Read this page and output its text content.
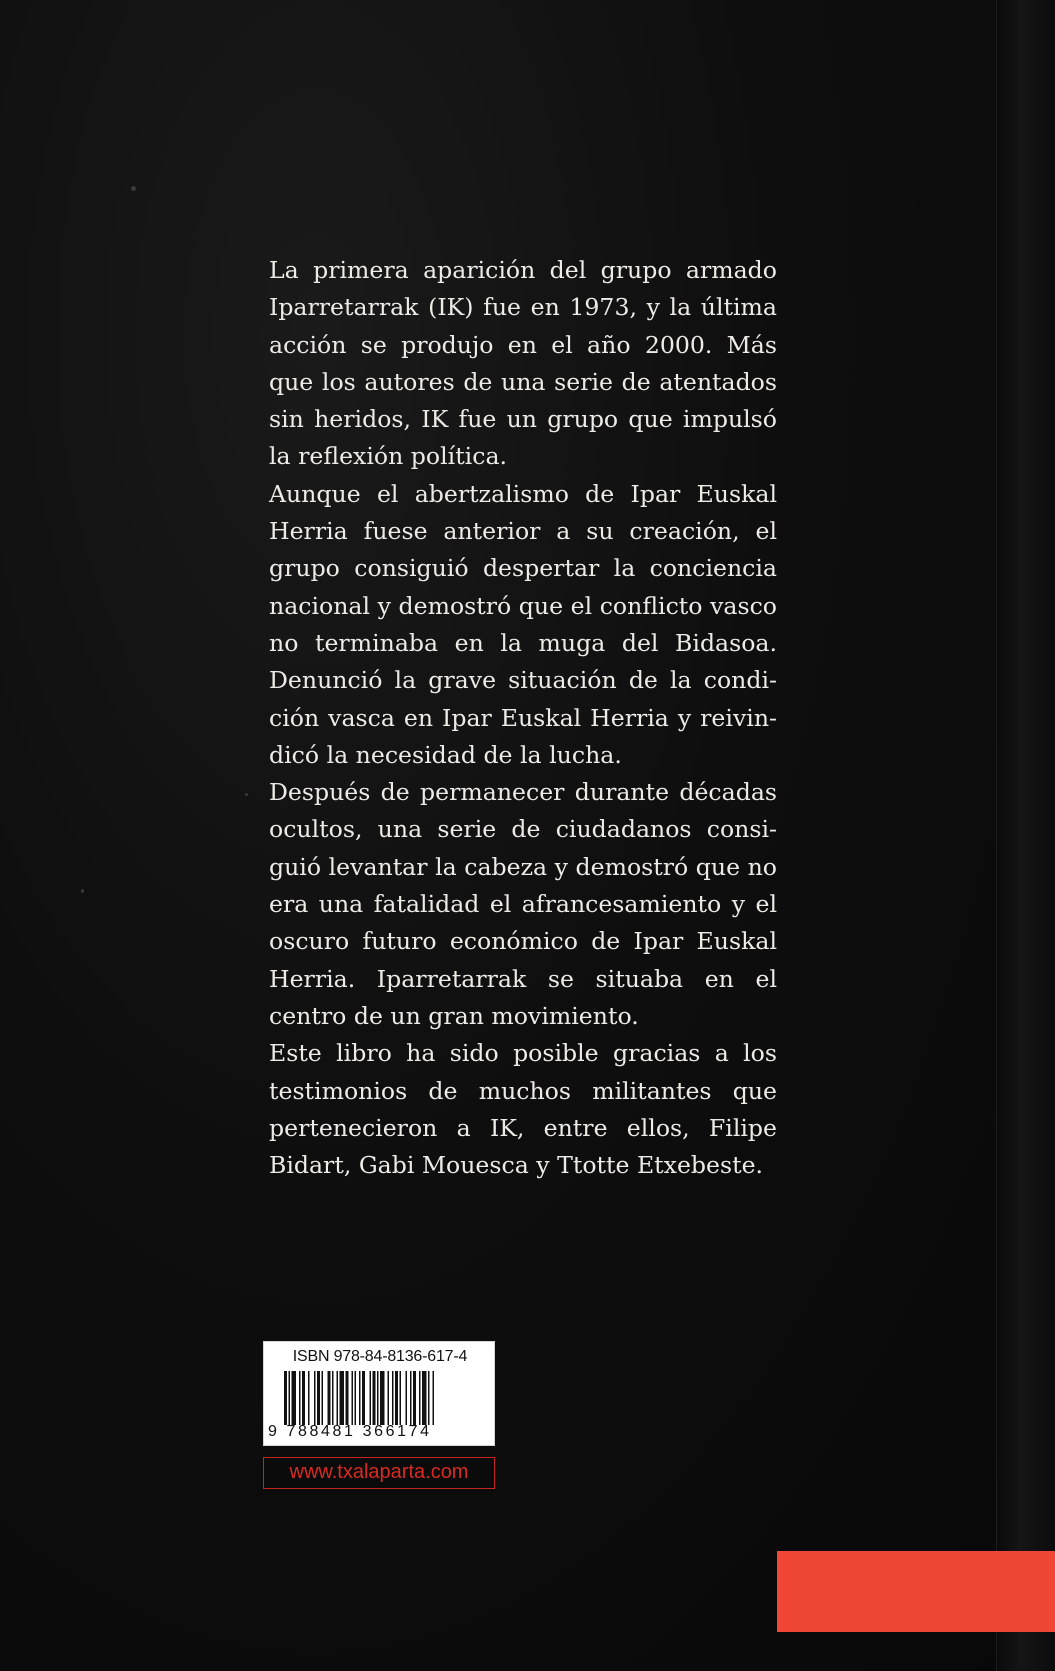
La primera aparición del grupo armado Iparretarrak (IK) fue en 1973, y la última acción se produjo en el año 2000. Más que los autores de una serie de atentados sin heridos, IK fue un grupo que impulsó la reflexión política.

Aunque el abertzalismo de Ipar Euskal Herria fuese anterior a su creación, el grupo consiguió despertar la conciencia nacional y demostró que el conflicto vasco no terminaba en la muga del Bidasoa. Denunció la grave situación de la condición vasca en Ipar Euskal Herria y reivindicó la necesidad de la lucha.

Después de permanecer durante décadas ocultos, una serie de ciudadanos consiguió levantar la cabeza y demostró que no era una fatalidad el afrancesamiento y el oscuro futuro económico de Ipar Euskal Herria. Iparretarrak se situaba en el centro de un gran movimiento.

Este libro ha sido posible gracias a los testimonios de muchos militantes que pertenecieron a IK, entre ellos, Filipe Bidart, Gabi Mouesca y Ttotte Etxebeste.

ISBN 978-84-8136-617-4
9 788481 366174
www.txalaparta.com
